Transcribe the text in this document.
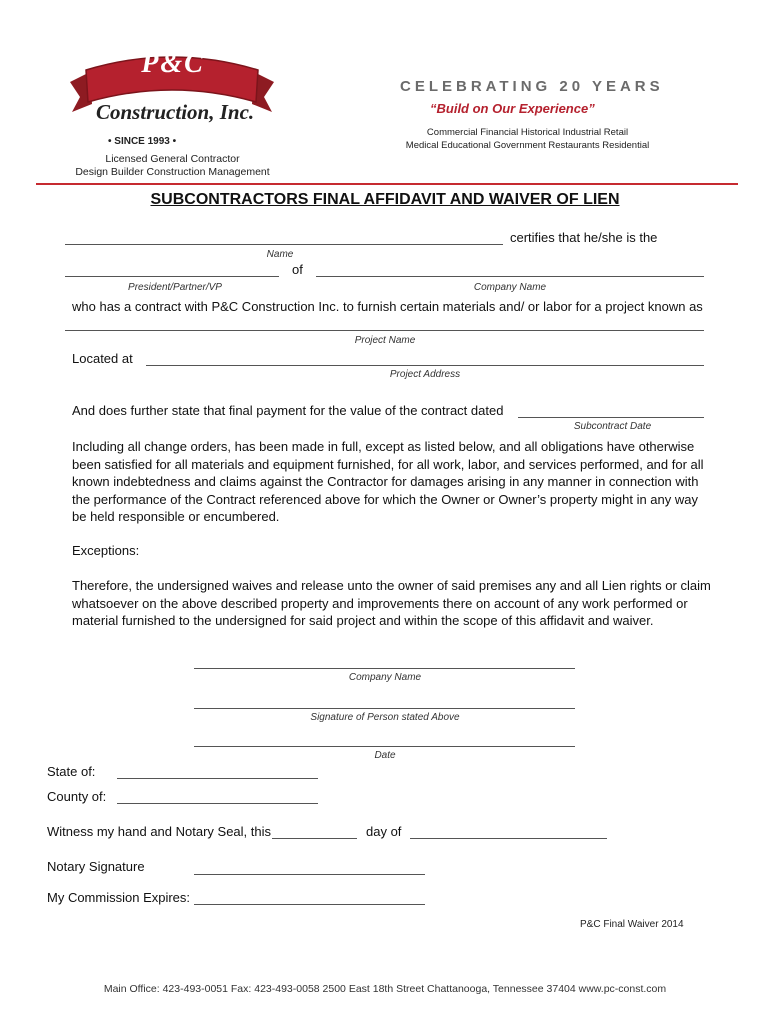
P&C
Construction, Inc.
• SINCE 1993 •
Licensed General Contractor
Design Builder Construction Management
CELEBRATING 20 YEARS
“Build on Our Experience”
Commercial Financial Historical Industrial Retail
Medical Educational Government Restaurants Residential
SUBCONTRACTORS FINAL AFFIDAVIT AND WAIVER OF LIEN
certifies that he/she is the
Name
of
President/Partner/VP	Company Name
who has a contract with P&C Construction Inc. to furnish certain materials and/ or labor for a project known as
Project Name
Located at
Project Address
And does further state that final payment for the value of the contract dated
Subcontract Date
Including all change orders, has been made in full, except as listed below, and all obligations have otherwise been satisfied for all materials and equipment furnished, for all work, labor, and services performed, and for all known indebtedness and claims against the Contractor for damages arising in any manner in connection with the performance of the Contract referenced above for which the Owner or Owner’s property might in any way be held responsible or encumbered.
Exceptions:
Therefore, the undersigned waives and release unto the owner of said premises any and all Lien rights or claim whatsoever on the above described property and improvements there on account of any work performed or material furnished to the undersigned for said project and within the scope of this affidavit and waiver.
Company Name
Signature of Person stated Above
Date
State of:
County of:
Witness my hand and Notary Seal, this	day of
Notary Signature
My Commission Expires:
P&C Final Waiver 2014
Main Office: 423-493-0051 Fax: 423-493-0058 2500 East 18th Street Chattanooga, Tennessee 37404 www.pc-const.com
